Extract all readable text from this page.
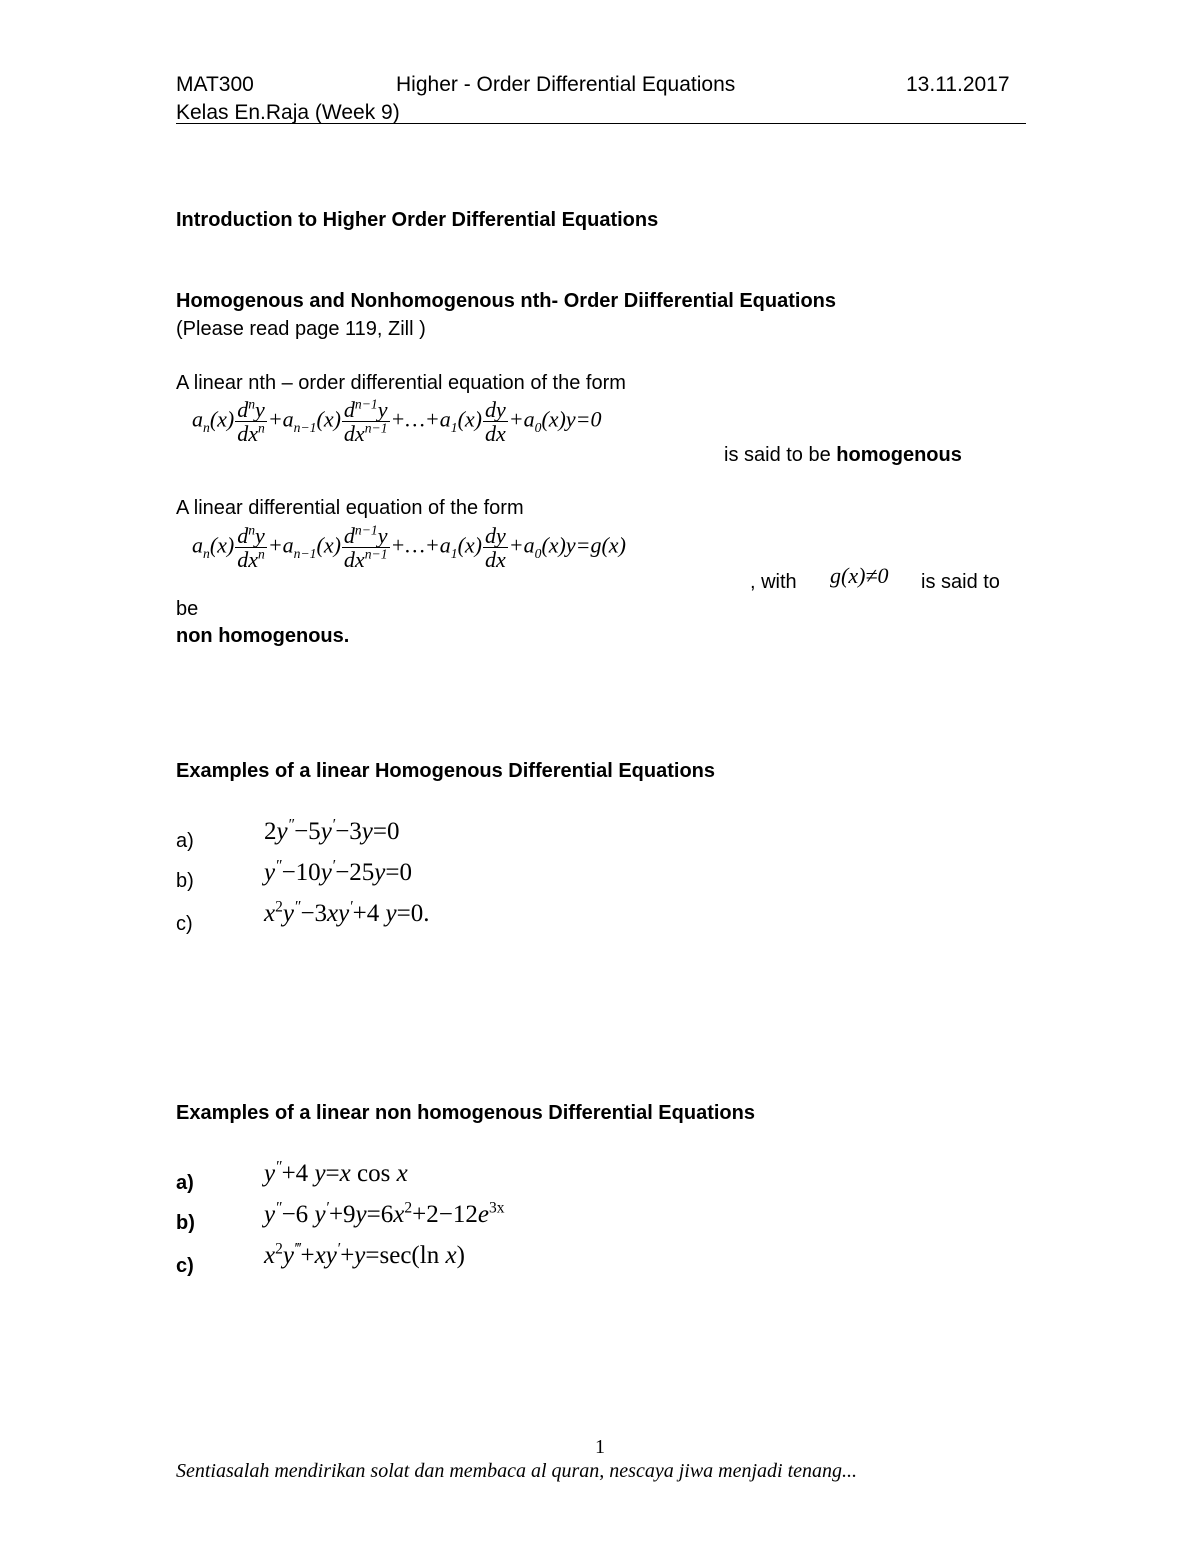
MAT300	Higher - Order Differential Equations	13.11.2017
Kelas En.Raja (Week 9)
Introduction to Higher Order Differential Equations
Homogenous and Nonhomogenous nth- Order Diifferential Equations
(Please read page 119, Zill )
A linear nth – order differential equation of the form
$a_n(x) \frac{d^ny}{dx^n} +a_{n-1}(x) \frac{d^{n-1}y}{dx^{n-1}}$ $+\dots+a_1(x) \frac{dy}{dx} +a_0(x)y=0$
is said to be homogenous
A linear differential equation of the form
$a_n(x) \frac{d^ny}{dx^n} +a_{n-1}(x) \frac{d^{n-1}y}{dx^{n-1}}$ $+\dots+a_1(x) \frac{dy}{dx} +a_0(x)y=g(x)$
, with g(x)≠0 is said to
be
non homogenous.
Examples of a linear Homogenous Differential Equations
a)	2y″−5y′−3y=0
b)	y″−10y′−25y=0
c)	$x^2y''-3xy'+4$ y=0.
Examples of a linear non homogenous Differential Equations
a)	y″+4 y=x cos x
b)	y″−6 $y'+9y=6x^2+2-12e^{3x}$
c)	$x^2y^‴+xy'+y=\sec(\ln$ x)
1
Sentiasalah mendirikan solat dan membaca al quran, nescaya jiwa menjadi tenang...
